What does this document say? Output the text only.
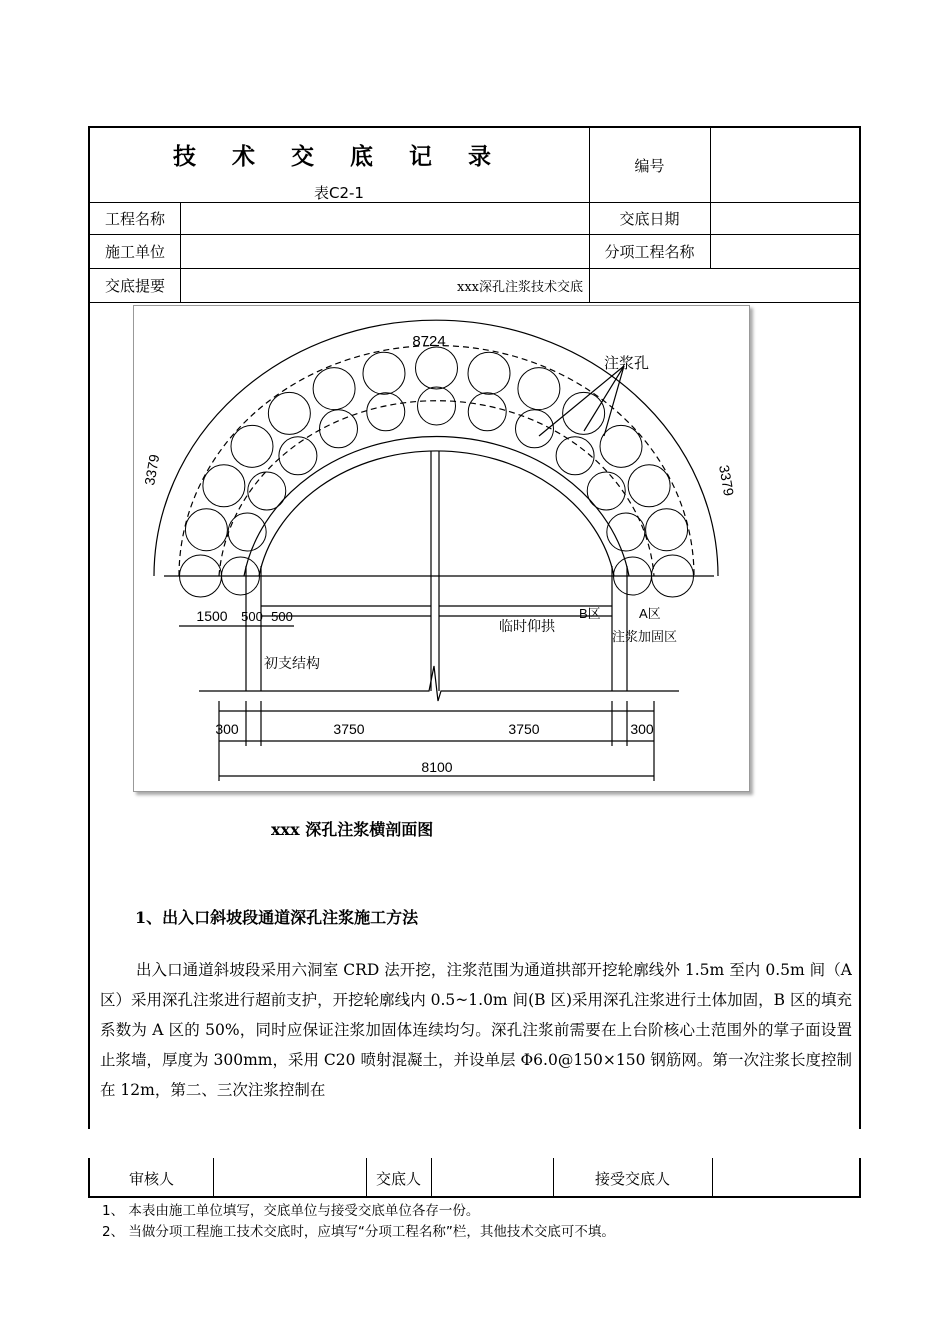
技 术 交 底 记 录
表C2-1
编号
工程名称	交底日期
施工单位	分项工程名称
交底提要	xxx深孔注浆技术交底
8724
注浆孔
3379	3379
1500 500 500
临时仰拱
B区	A区
注浆加固区
初支结构
300	3750	3750	300
8100
xxx 深孔注浆横剖面图
1、出入口斜坡段通道深孔注浆施工方法
出入口通道斜坡段采用六洞室 CRD 法开挖，注浆范围为通道拱部开挖轮廓线外 1.5m 至内 0.5m 间（A 区）采用深孔注浆进行超前支护，开挖轮廓线内 0.5~1.0m 间(B 区)采用深孔注浆进行土体加固，B 区的填充系数为 A 区的 50%，同时应保证注浆加固体连续均匀。深孔注浆前需要在上台阶核心土范围外的掌子面设置止浆墙，厚度为 300mm，采用 C20 喷射混凝土，并设单层 Φ6.0@150×150 钢筋网。第一次注浆长度控制在 12m，第二、三次注浆控制在
审核人	交底人	接受交底人
1、 本表由施工单位填写，交底单位与接受交底单位各存一份。
2、 当做分项工程施工技术交底时，应填写“分项工程名称”栏，其他技术交底可不填。
